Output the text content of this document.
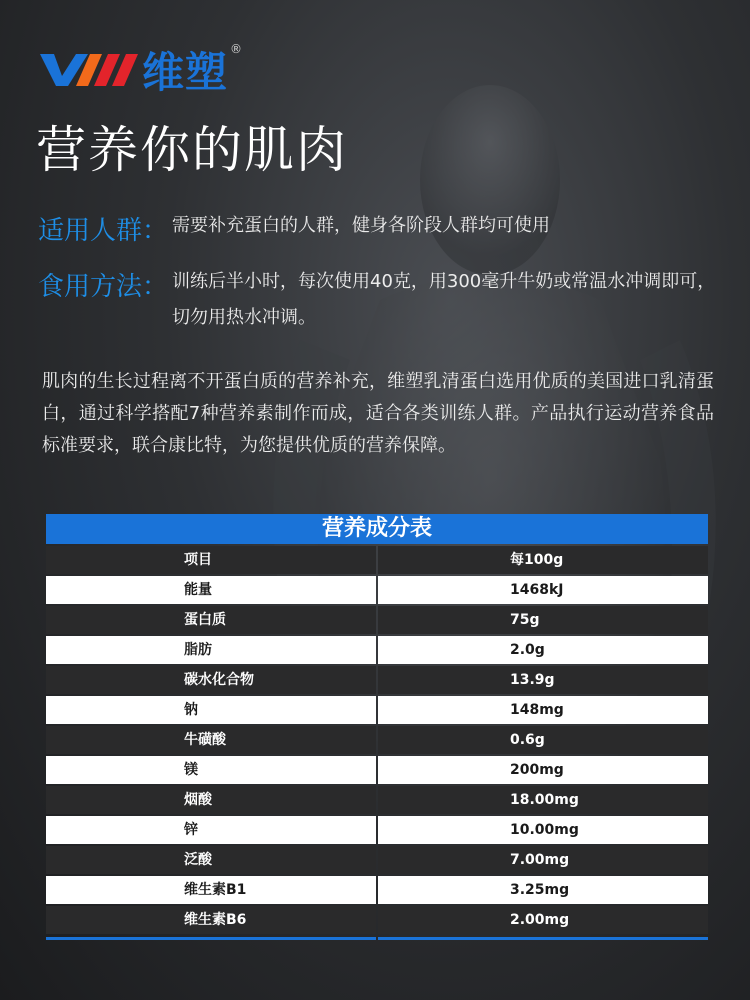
维塑 ®
营养你的肌肉
适用人群： 需要补充蛋白的人群，健身各阶段人群均可使用
食用方法： 训练后半小时，每次使用40克，用300毫升牛奶或常温水冲调即可，切勿用热水冲调。
肌肉的生长过程离不开蛋白质的营养补充，维塑乳清蛋白选用优质的美国进口乳清蛋白，通过科学搭配7种营养素制作而成，适合各类训练人群。产品执行运动营养食品标准要求，联合康比特，为您提供优质的营养保障。
营养成分表
项目	每100g
能量	1468kJ
蛋白质	75g
脂肪	2.0g
碳水化合物	13.9g
钠	148mg
牛磺酸	0.6g
镁	200mg
烟酸	18.00mg
锌	10.00mg
泛酸	7.00mg
维生素B1	3.25mg
维生素B6	2.00mg
